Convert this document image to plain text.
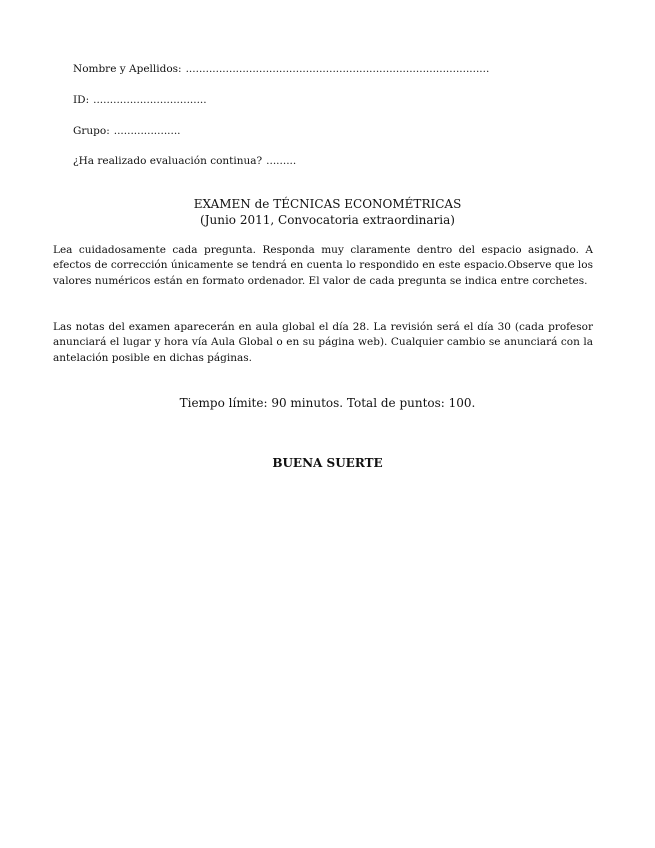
Nombre y Apellidos: ...........................................................................................
ID: ..................................
Grupo: ....................
¿Ha realizado evaluación continua? .........
EXAMEN de TÉCNICAS ECONOMÉTRICAS
(Junio 2011, Convocatoria extraordinaria)
Lea cuidadosamente cada pregunta. Responda muy claramente dentro del espacio asignado. A efectos de corrección únicamente se tendrá en cuenta lo respondido en este espacio.Observe que los valores numéricos están en formato ordenador. El valor de cada pregunta se indica entre corchetes.
Las notas del examen aparecerán en aula global el día 28. La revisión será el día 30 (cada profesor anunciará el lugar y hora vía Aula Global o en su página web). Cualquier cambio se anunciará con la antelación posible en dichas páginas.
Tiempo límite: 90 minutos. Total de puntos: 100.
BUENA SUERTE
